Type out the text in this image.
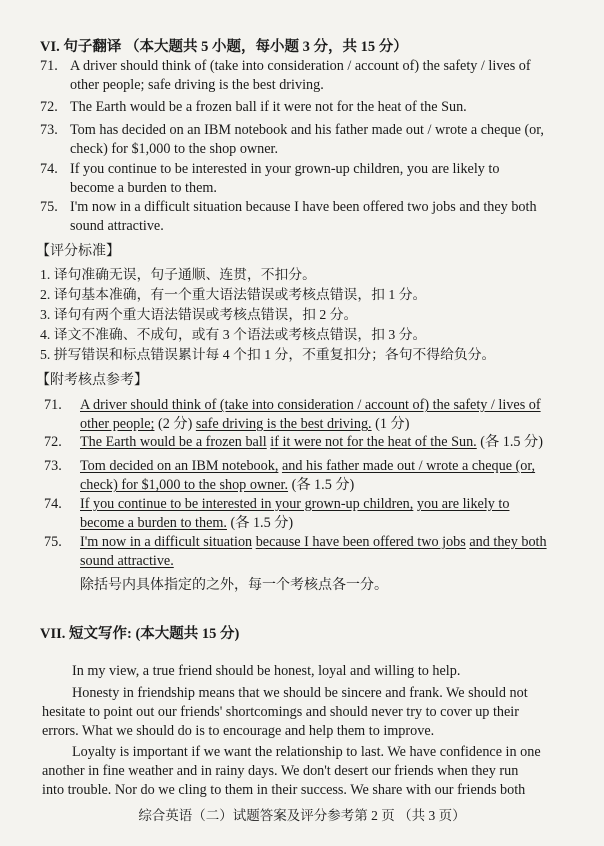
VI. 句子翻译 （本大题共 5 小题，每小题 3 分，共 15 分）
71. A driver should think of (take into consideration / account of) the safety / lives of
other people; safe driving is the best driving.
72. The Earth would be a frozen ball if it were not for the heat of the Sun.
73. Tom has decided on an IBM notebook and his father made out / wrote a cheque (or,
check) for $1,000 to the shop owner.
74. If you continue to be interested in your grown-up children, you are likely to
become a burden to them.
75. I'm now in a difficult situation because I have been offered two jobs and they both
sound attractive.
【评分标准】
1. 译句准确无误，句子通顺、连贯，不扣分。
2. 译句基本准确，有一个重大语法错误或考核点错误，扣 1 分。
3. 译句有两个重大语法错误或考核点错误，扣 2 分。
4. 译文不准确、不成句，或有 3 个语法或考核点错误，扣 3 分。
5. 拼写错误和标点错误累计每 4 个扣 1 分，不重复扣分；各句不得给负分。
【附考核点参考】
71. A driver should think of (take into consideration / account of) the safety / lives of
other people; (2 分) safe driving is the best driving. (1 分)
72. The Earth would be a frozen ball if it were not for the heat of the Sun. (各 1.5 分)
73. Tom decided on an IBM notebook, and his father made out / wrote a cheque (or,
check) for $1,000 to the shop owner. (各 1.5 分)
74. If you continue to be interested in your grown-up children, you are likely to
become a burden to them. (各 1.5 分)
75. I'm now in a difficult situation because I have been offered two jobs and they both
sound attractive.
除括号内具体指定的之外，每一个考核点各一分。
VII. 短文写作: (本大题共 15 分)
In my view, a true friend should be honest, loyal and willing to help.
Honesty in friendship means that we should be sincere and frank. We should not
hesitate to point out our friends' shortcomings and should never try to cover up their
errors. What we should do is to encourage and help them to improve.
Loyalty is important if we want the relationship to last. We have confidence in one
another in fine weather and in rainy days. We don't desert our friends when they run
into trouble. Nor do we cling to them in their success. We share with our friends both
综合英语（二）试题答案及评分参考第 2 页 （共 3 页）
